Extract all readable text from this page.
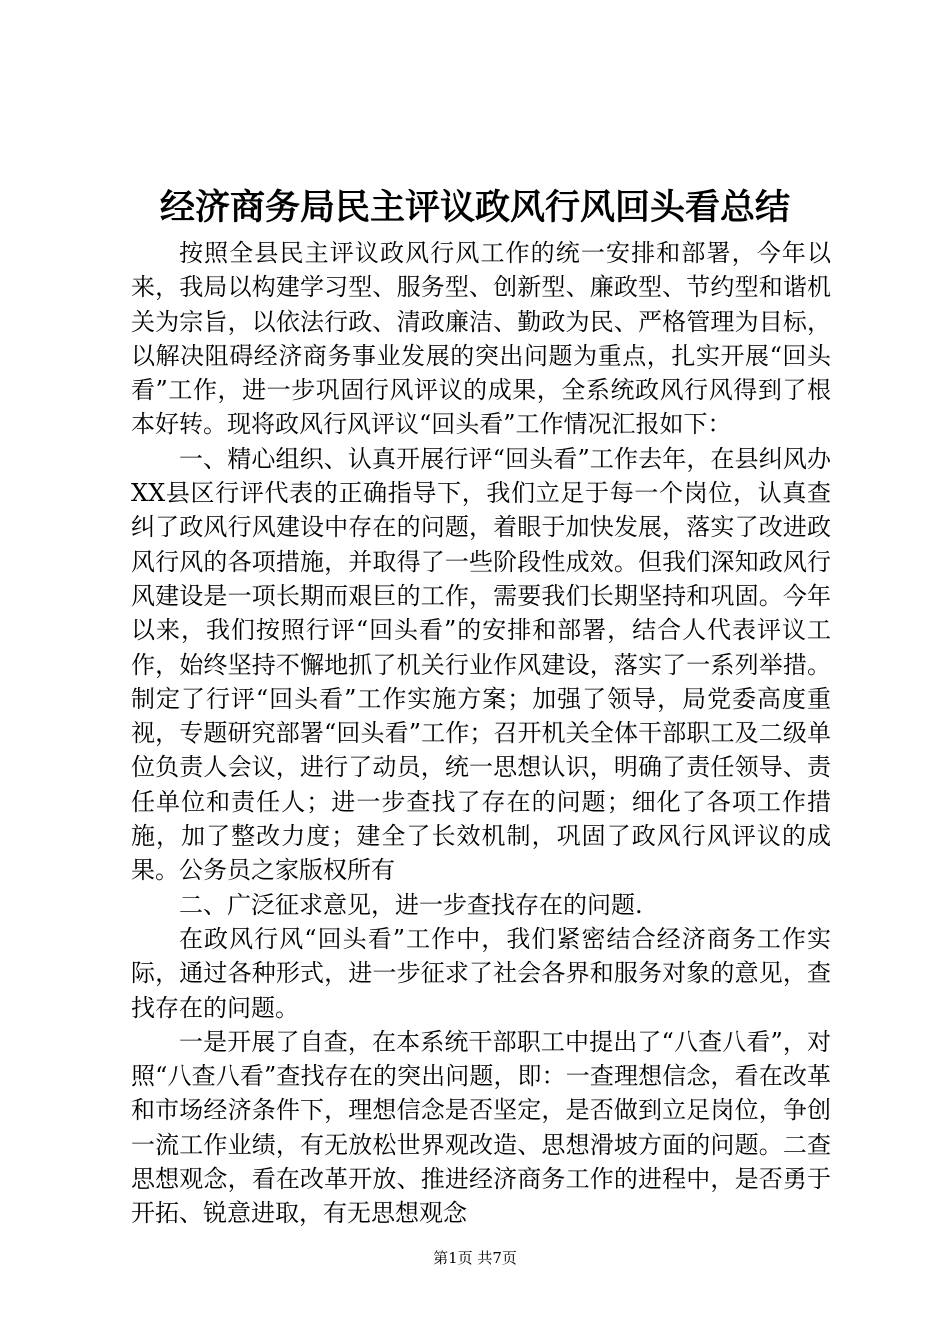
经济商务局民主评议政风行风回头看总结

按照全县民主评议政风行风工作的统一安排和部署，今年以来，我局以构建学习型、服务型、创新型、廉政型、节约型和谐机关为宗旨，以依法行政、清政廉洁、勤政为民、严格管理为目标，以解决阻碍经济商务事业发展的突出问题为重点，扎实开展“回头看”工作，进一步巩固行风评议的成果，全系统政风行风得到了根本好转。现将政风行风评议“回头看”工作情况汇报如下：

一、精心组织、认真开展行评“回头看”工作去年，在县纠风办XX县区行评代表的正确指导下，我们立足于每一个岗位，认真查纠了政风行风建设中存在的问题，着眼于加快发展，落实了改进政风行风的各项措施，并取得了一些阶段性成效。但我们深知政风行风建设是一项长期而艰巨的工作，需要我们长期坚持和巩固。今年以来，我们按照行评“回头看”的安排和部署，结合人代表评议工作，始终坚持不懈地抓了机关行业作风建设，落实了一系列举措。制定了行评“回头看”工作实施方案；加强了领导，局党委高度重视，专题研究部署“回头看”工作；召开机关全体干部职工及二级单位负责人会议，进行了动员，统一思想认识，明确了责任领导、责任单位和责任人；进一步查找了存在的问题；细化了各项工作措施，加了整改力度；建全了长效机制，巩固了政风行风评议的成果。公务员之家版权所有

二、广泛征求意见，进一步查找存在的问题.

在政风行风“回头看”工作中，我们紧密结合经济商务工作实际，通过各种形式，进一步征求了社会各界和服务对象的意见，查找存在的问题。

一是开展了自查，在本系统干部职工中提出了“八查八看”，对照“八查八看”查找存在的突出问题，即：一查理想信念，看在改革和市场经济条件下，理想信念是否坚定，是否做到立足岗位，争创一流工作业绩，有无放松世界观改造、思想滑坡方面的问题。二查思想观念，看在改革开放、推进经济商务工作的进程中，是否勇于开拓、锐意进取，有无思想观念

第1页 共7页
